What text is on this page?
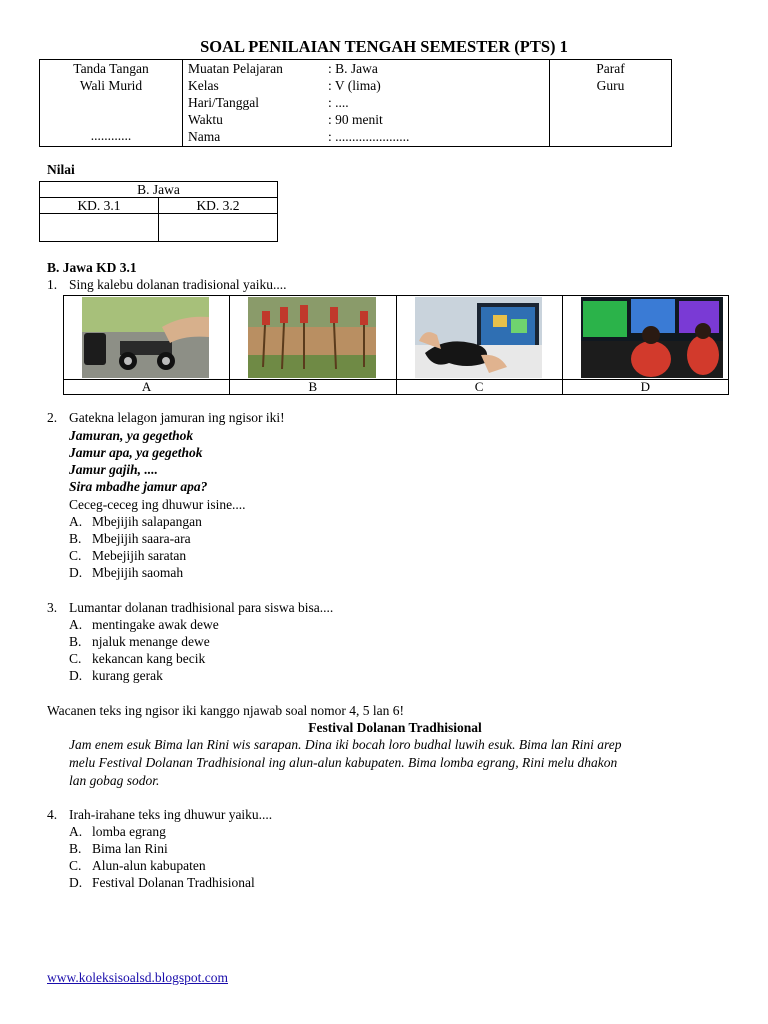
SOAL PENILAIAN TENGAH SEMESTER (PTS) 1
Tanda Tangan
Wali Murid
............

Muatan Pelajaran	: B. Jawa
Kelas	: V (lima)
Hari/Tanggal	: ....
Waktu	: 90 menit
Nama	: ......................

Paraf
Guru
Nilai
B. Jawa	
KD. 3.1	KD. 3.2

B. Jawa KD 3.1
1. Sing kalebu dolanan tradisional yaiku....

A	B	C	D
2. Gatekna lelagon jamuran ing ngisor iki!
Jamuran, ya gegethok
Jamur apa, ya gegethok
Jamur gajih, ....
Sira mbadhe jamur apa?
Ceceg-ceceg ing dhuwur isine....
A. Mbejijih salapangan
B. Mbejijih saara-ara
C. Mebejijih saratan
D. Mbejijih saomah
3. Lumantar dolanan tradhisional para siswa bisa....
A. mentingake awak dewe
B. njaluk menange dewe
C. kekancan kang becik
D. kurang gerak
Wacanen teks ing ngisor iki kanggo njawab soal nomor 4, 5 lan 6!
Festival Dolanan Tradhisional
Jam enem esuk Bima lan Rini wis sarapan. Dina iki bocah loro budhal luwih esuk. Bima lan Rini arep
melu Festival Dolanan Tradhisional ing alun-alun kabupaten. Bima lomba egrang, Rini melu dhakon
lan gobag sodor.
4. Irah-irahane teks ing dhuwur yaiku....
A. lomba egrang
B. Bima lan Rini
C. Alun-alun kabupaten
D. Festival Dolanan Tradhisional
www.koleksisoalsd.blogspot.com
